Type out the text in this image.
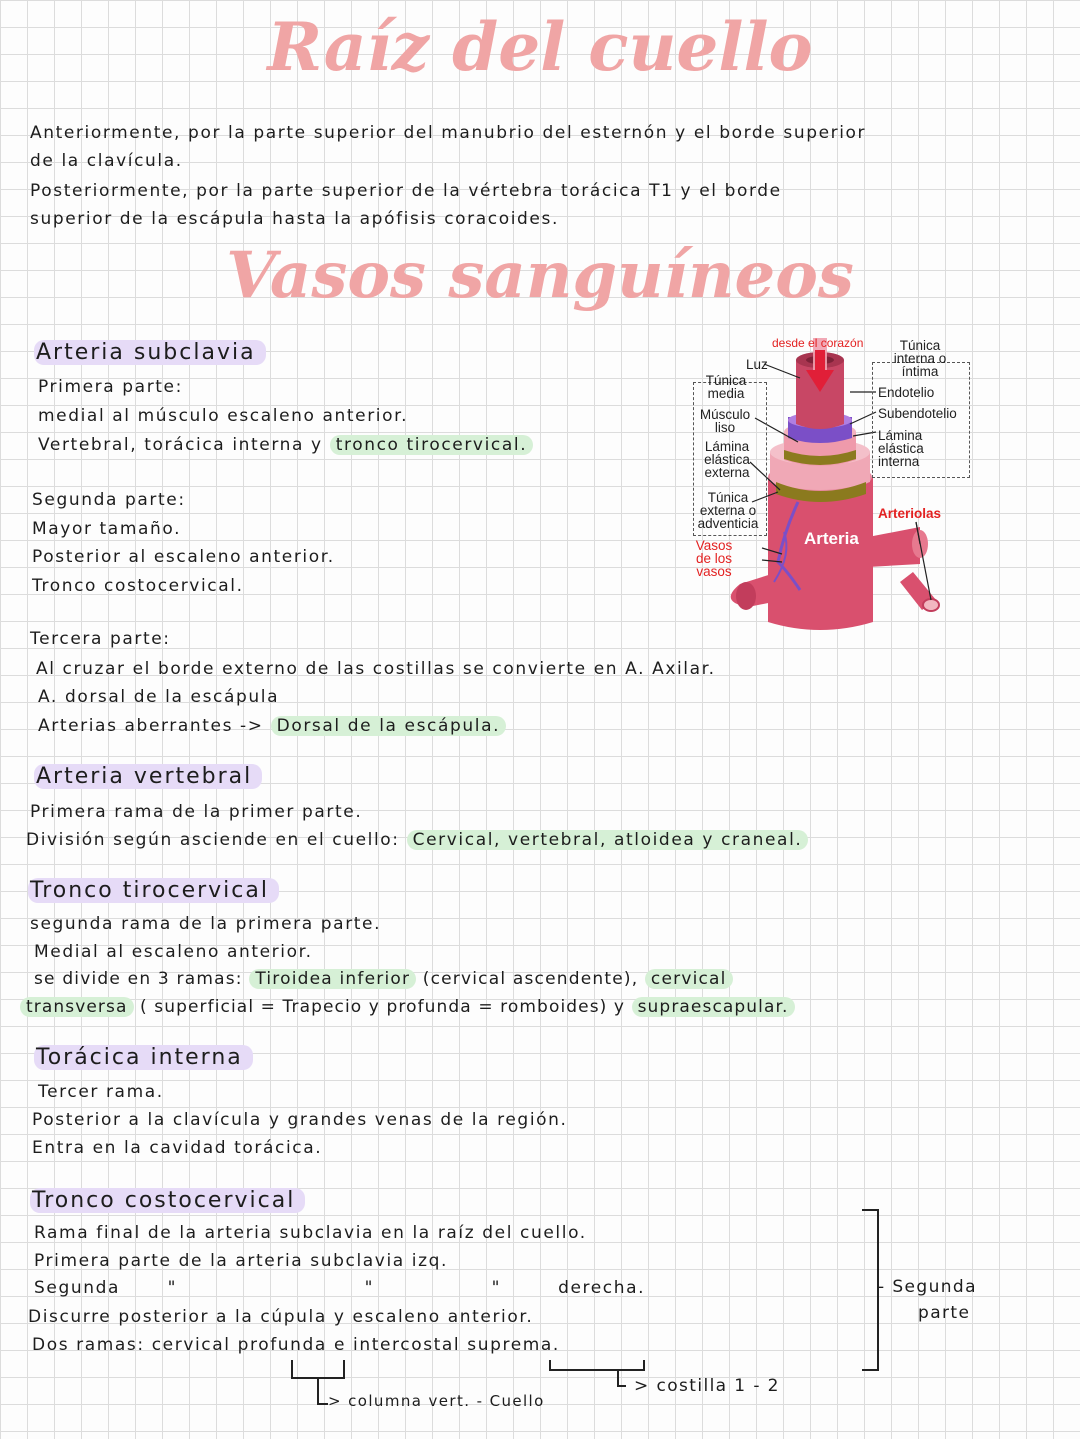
Raíz del cuello
Vasos sanguíneos
Anteriormente, por la parte superior del manubrio del esternón y el borde superior
de la clavícula.
Posteriormente, por la parte superior de la vértebra torácica T1 y el borde
superior de la escápula hasta la apófisis coracoides.
Arteria subclavia
Primera parte:
medial al músculo escaleno anterior.
Vertebral, torácica interna y tronco tirocervical.
Segunda parte:
Mayor tamaño.
Posterior al escaleno anterior.
Tronco costocervical.
Tercera parte:
Al cruzar el borde externo de las costillas se convierte en A. Axilar.
A. dorsal de la escápula
Arterias aberrantes -> Dorsal de la escápula.
Arteria vertebral
Primera rama de la primer parte.
División según asciende en el cuello: Cervical, vertebral, atloidea y craneal.
Tronco tirocervical
segunda rama de la primera parte.
Medial al escaleno anterior.
se divide en 3 ramas: Tiroidea inferior (cervical ascendente), cervical
transversa ( superficial = Trapecio y profunda = romboides) y supraescapular.
Torácica interna
Tercer rama.
Posterior a la clavícula y grandes venas de la región.
Entra en la cavidad torácica.
Tronco costocervical
Rama final de la arteria subclavia en la raíz del cuello.
Primera parte de la arteria subclavia izq.
Segunda	"	"	"	derecha.
Discurre posterior a la cúpula y escaleno anterior.
Dos ramas: cervical profunda e intercostal suprema.
- Segunda
parte
> columna vert. - Cuello
> costilla 1 - 2
desde el corazón
Luz
Túnica media
Músculo liso
Lámina elástica externa
Túnica externa o adventicia
Vasos de los vasos
Túnica interna o íntima
Endotelio
Subendotelio
Lámina elástica interna
Arteriolas
Arteria
